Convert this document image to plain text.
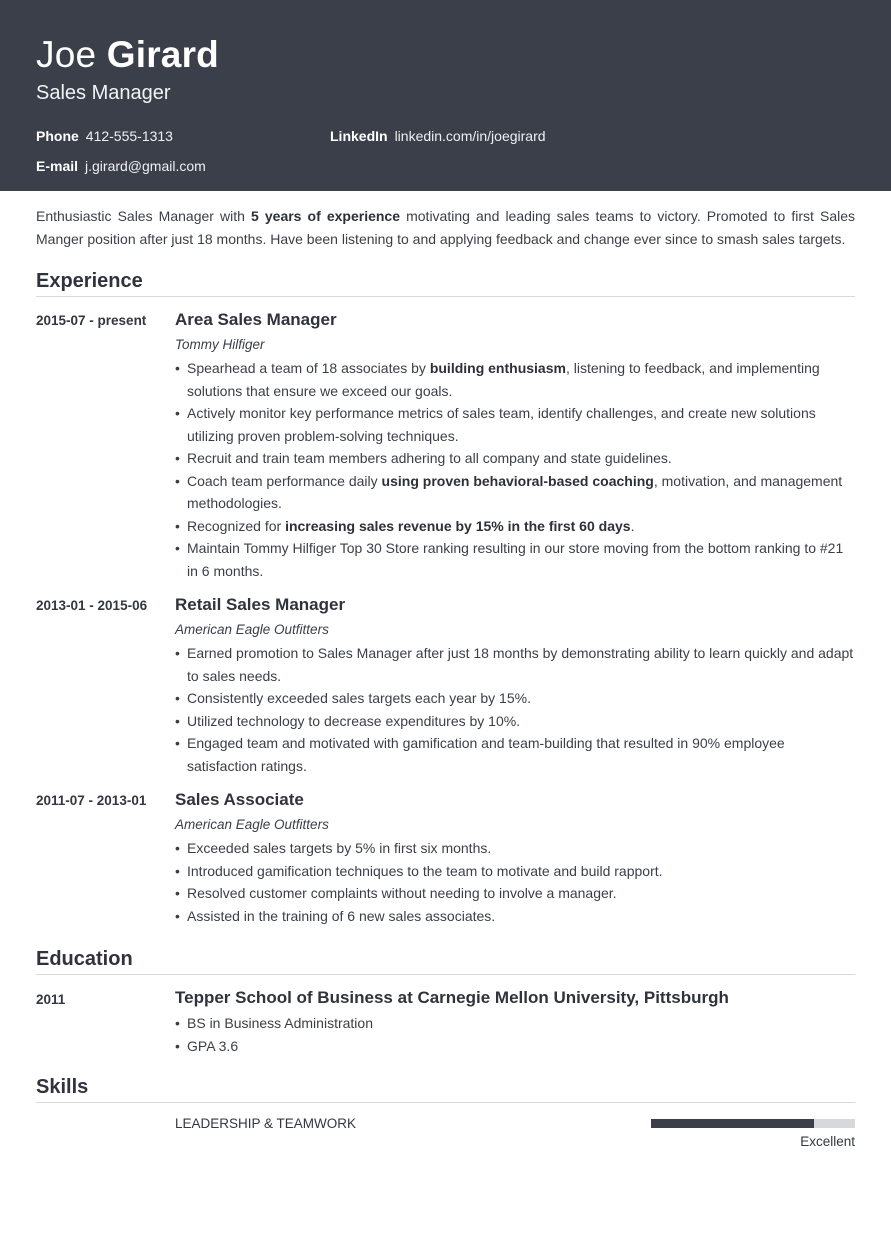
Joe Girard
Sales Manager
Phone 412-555-1313	LinkedIn linkedin.com/in/joegirard
E-mail j.girard@gmail.com

Enthusiastic Sales Manager with 5 years of experience motivating and leading sales teams to victory. Promoted to first Sales Manger position after just 18 months. Have been listening to and applying feedback and change ever since to smash sales targets.

Experience
2015-07 - present	Area Sales Manager
Tommy Hilfiger
• Spearhead a team of 18 associates by building enthusiasm, listening to feedback, and implementing solutions that ensure we exceed our goals.
• Actively monitor key performance metrics of sales team, identify challenges, and create new solutions utilizing proven problem-solving techniques.
• Recruit and train team members adhering to all company and state guidelines.
• Coach team performance daily using proven behavioral-based coaching, motivation, and management methodologies.
• Recognized for increasing sales revenue by 15% in the first 60 days.
• Maintain Tommy Hilfiger Top 30 Store ranking resulting in our store moving from the bottom ranking to #21 in 6 months.
2013-01 - 2015-06	Retail Sales Manager
American Eagle Outfitters
• Earned promotion to Sales Manager after just 18 months by demonstrating ability to learn quickly and adapt to sales needs.
• Consistently exceeded sales targets each year by 15%.
• Utilized technology to decrease expenditures by 10%.
• Engaged team and motivated with gamification and team-building that resulted in 90% employee satisfaction ratings.
2011-07 - 2013-01	Sales Associate
American Eagle Outfitters
• Exceeded sales targets by 5% in first six months.
• Introduced gamification techniques to the team to motivate and build rapport.
• Resolved customer complaints without needing to involve a manager.
• Assisted in the training of 6 new sales associates.
Education
2011	Tepper School of Business at Carnegie Mellon University, Pittsburgh
• BS in Business Administration
• GPA 3.6
Skills
LEADERSHIP & TEAMWORK
Excellent
